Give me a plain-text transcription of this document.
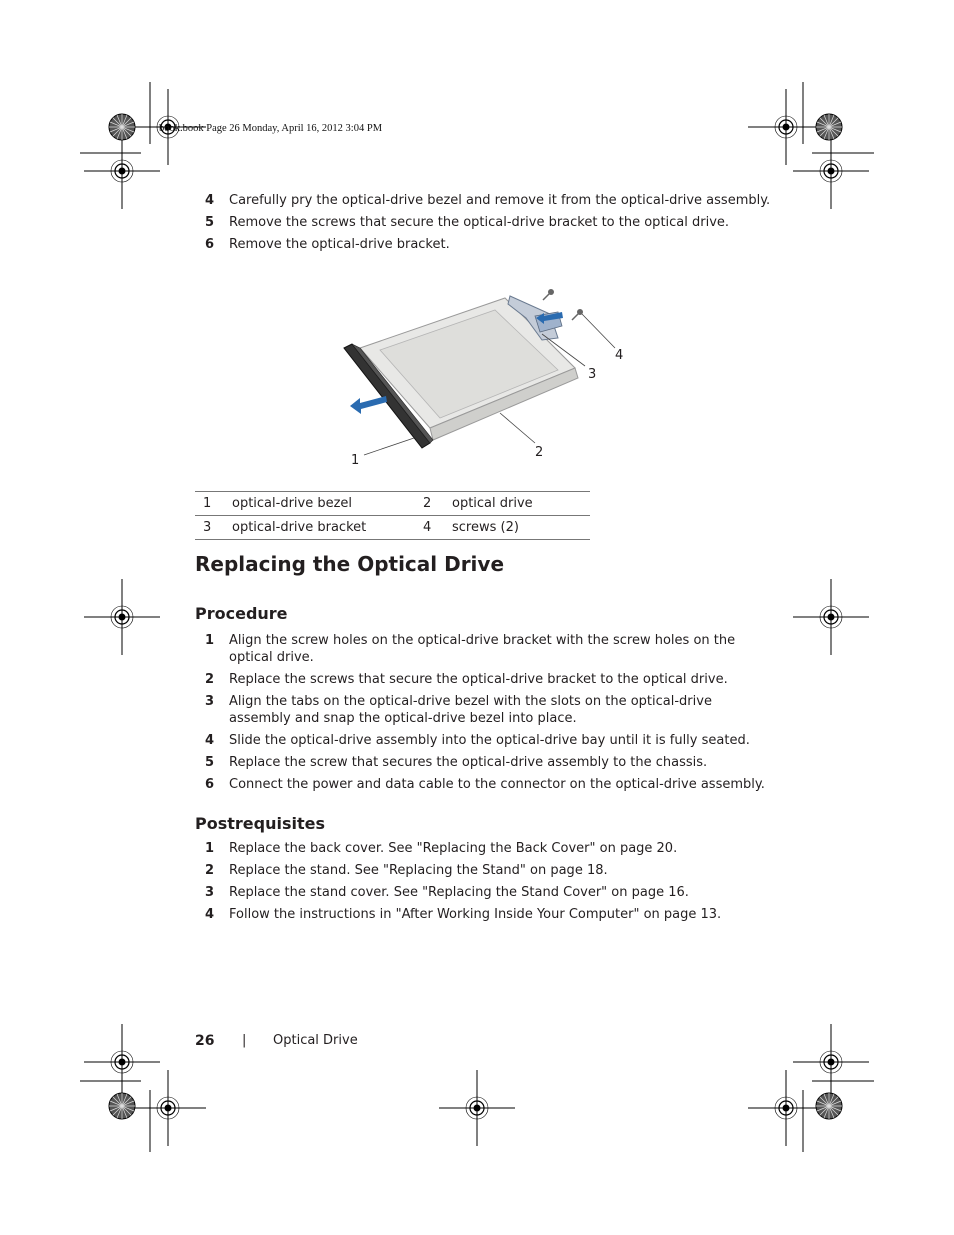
book.book Page 26 Monday, April 16, 2012 3:04 PM
4 Carefully pry the optical-drive bezel and remove it from the optical-drive assembly.
5 Remove the screws that secure the optical-drive bracket to the optical drive.
6 Remove the optical-drive bracket.
1
2
3
4
1	optical-drive bezel	2	optical drive
3	optical-drive bracket	4	screws (2)
Replacing the Optical Drive
Procedure
1 Align the screw holes on the optical-drive bracket with the screw holes on the optical drive.
2 Replace the screws that secure the optical-drive bracket to the optical drive.
3 Align the tabs on the optical-drive bezel with the slots on the optical-drive assembly and snap the optical-drive bezel into place.
4 Slide the optical-drive assembly into the optical-drive bay until it is fully seated.
5 Replace the screw that secures the optical-drive assembly to the chassis.
6 Connect the power and data cable to the connector on the optical-drive assembly.
Postrequisites
1 Replace the back cover. See "Replacing the Back Cover" on page 20.
2 Replace the stand. See "Replacing the Stand" on page 18.
3 Replace the stand cover. See "Replacing the Stand Cover" on page 16.
4 Follow the instructions in "After Working Inside Your Computer" on page 13.
26 | Optical Drive
